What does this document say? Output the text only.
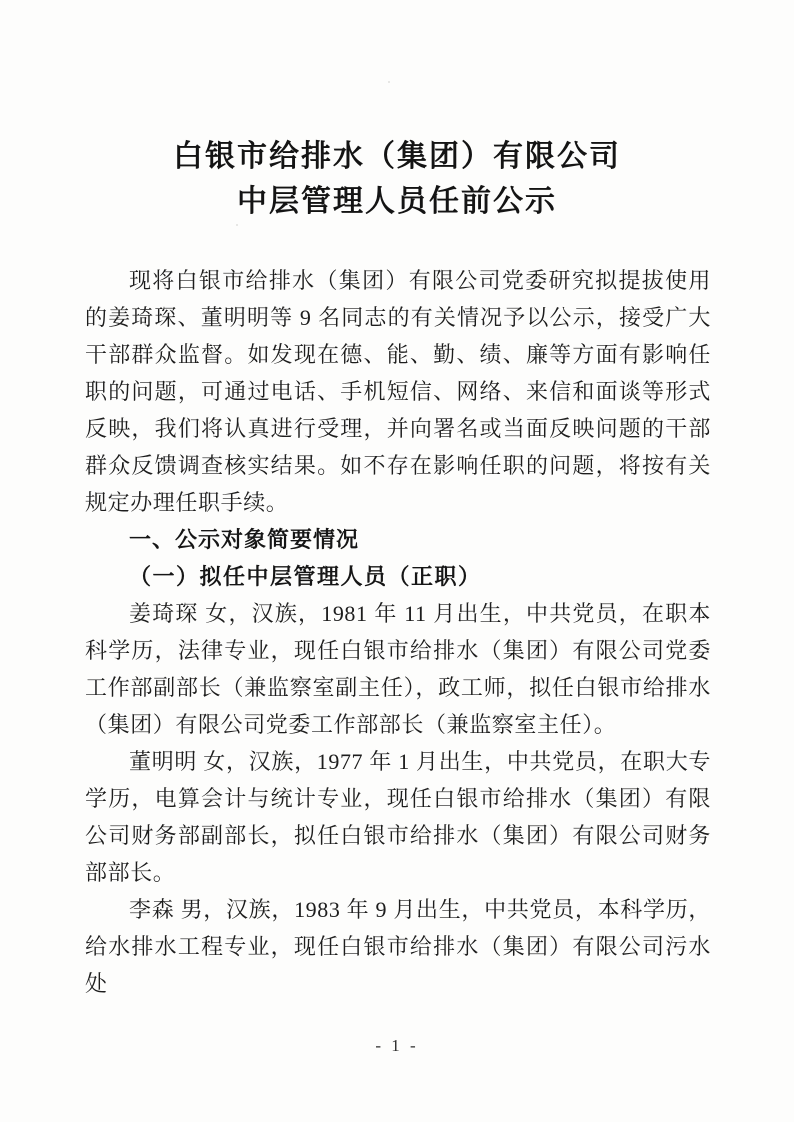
白银市给排水（集团）有限公司
中层管理人员任前公示

现将白银市给排水（集团）有限公司党委研究拟提拔使用的姜琦琛、董明明等 9 名同志的有关情况予以公示，接受广大干部群众监督。如发现在德、能、勤、绩、廉等方面有影响任职的问题，可通过电话、手机短信、网络、来信和面谈等形式反映，我们将认真进行受理，并向署名或当面反映问题的干部群众反馈调查核实结果。如不存在影响任职的问题，将按有关规定办理任职手续。

一、公示对象简要情况
（一）拟任中层管理人员（正职）

姜琦琛 女，汉族，1981 年 11 月出生，中共党员，在职本科学历，法律专业，现任白银市给排水（集团）有限公司党委工作部副部长（兼监察室副主任），政工师，拟任白银市给排水（集团）有限公司党委工作部部长（兼监察室主任）。

董明明 女，汉族，1977 年 1 月出生，中共党员，在职大专学历，电算会计与统计专业，现任白银市给排水（集团）有限公司财务部副部长，拟任白银市给排水（集团）有限公司财务部部长。

李森 男，汉族，1983 年 9 月出生，中共党员，本科学历，给水排水工程专业，现任白银市给排水（集团）有限公司污水处

- 1 -
